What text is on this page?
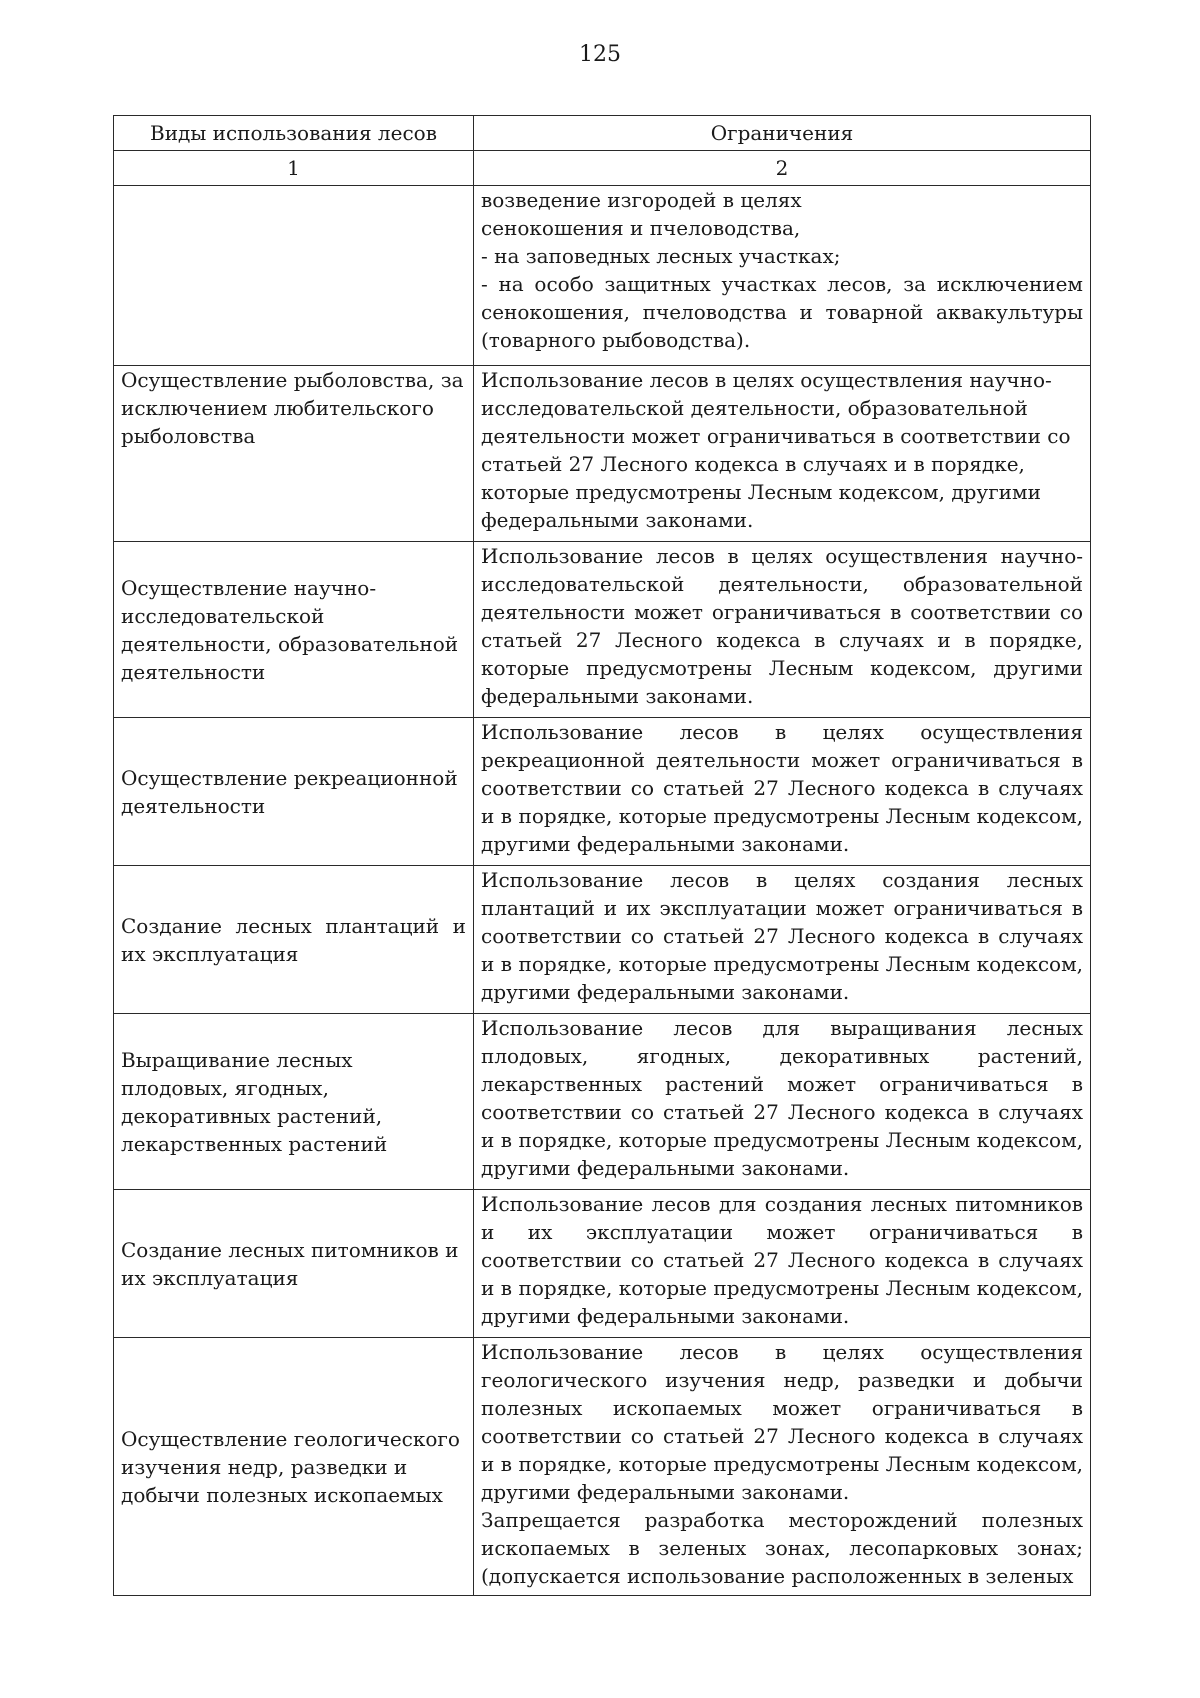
125
Виды использования лесов	Ограничения
1	2

	возведение изгородей в целях сенокошения и пчеловодства,
- на заповедных лесных участках;
- на особо защитных участках лесов, за исключением сенокошения, пчеловодства и товарной аквакультуры (товарного рыбоводства).

Осуществление рыболовства, за исключением любительского рыболовства	Использование лесов в целях осуществления научно-исследовательской деятельности, образовательной деятельности может ограничиваться в соответствии со статьей 27 Лесного кодекса в случаях и в порядке, которые предусмотрены Лесным кодексом, другими федеральными законами.

Осуществление научно-исследовательской деятельности, образовательной деятельности	Использование лесов в целях осуществления научно-исследовательской деятельности, образовательной деятельности может ограничиваться в соответствии со статьей 27 Лесного кодекса в случаях и в порядке, которые предусмотрены Лесным кодексом, другими федеральными законами.

Осуществление рекреационной деятельности	Использование лесов в целях осуществления рекреационной деятельности может ограничиваться в соответствии со статьей 27 Лесного кодекса в случаях и в порядке, которые предусмотрены Лесным кодексом, другими федеральными законами.

Создание лесных плантаций и их эксплуатация	Использование лесов в целях создания лесных плантаций и их эксплуатации может ограничиваться в соответствии со статьей 27 Лесного кодекса в случаях и в порядке, которые предусмотрены Лесным кодексом, другими федеральными законами.

Выращивание лесных плодовых, ягодных, декоративных растений, лекарственных растений	Использование лесов для выращивания лесных плодовых, ягодных, декоративных растений, лекарственных растений может ограничиваться в соответствии со статьей 27 Лесного кодекса в случаях и в порядке, которые предусмотрены Лесным кодексом, другими федеральными законами.

Создание лесных питомников и их эксплуатация	Использование лесов для создания лесных питомников и их эксплуатации может ограничиваться в соответствии со статьей 27 Лесного кодекса в случаях и в порядке, которые предусмотрены Лесным кодексом, другими федеральными законами.

Осуществление геологического изучения недр, разведки и добычи полезных ископаемых	Использование лесов в целях осуществления геологического изучения недр, разведки и добычи полезных ископаемых может ограничиваться в соответствии со статьей 27 Лесного кодекса в случаях и в порядке, которые предусмотрены Лесным кодексом, другими федеральными законами.
Запрещается разработка месторождений полезных ископаемых в зеленых зонах, лесопарковых зонах; (допускается использование расположенных в зеленых
